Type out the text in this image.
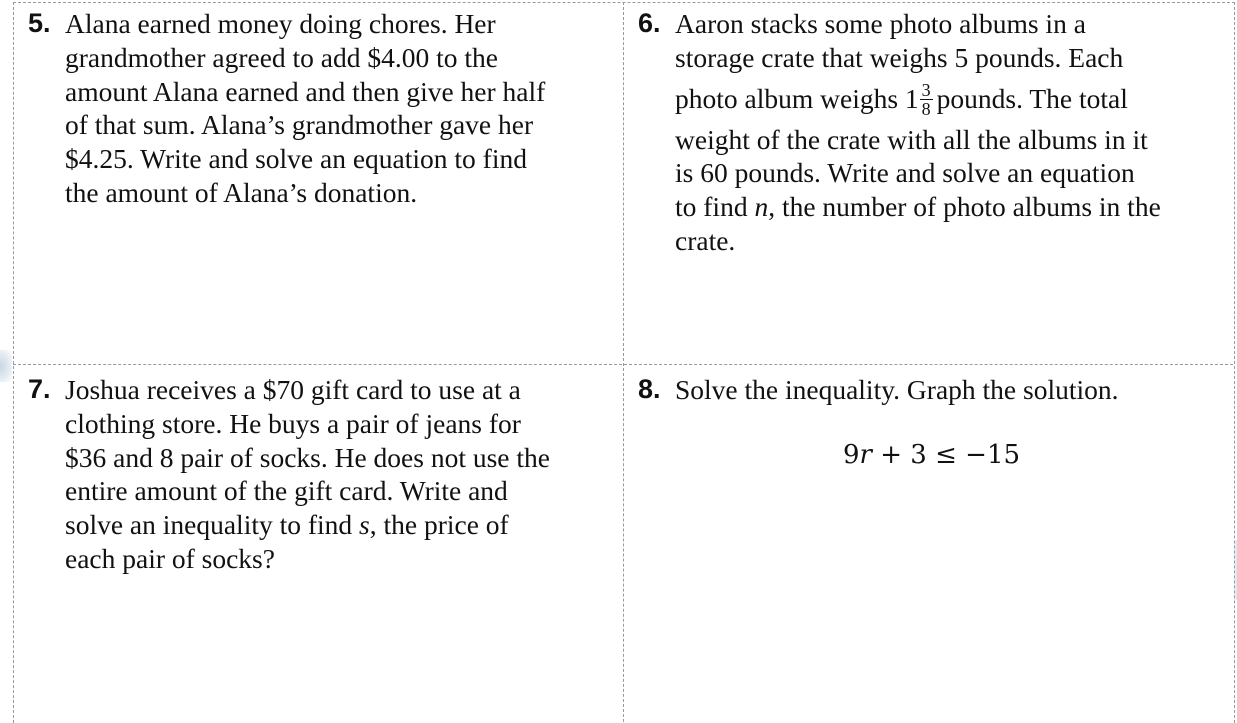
5. Alana earned money doing chores. Her
grandmother agreed to add $4.00 to the
amount Alana earned and then give her half
of that sum. Alana’s grandmother gave her
$4.25. Write and solve an equation to find
the amount of Alana’s donation.
6. Aaron stacks some photo albums in a
storage crate that weighs 5 pounds. Each
photo album weighs $1 \frac{3}{8}$ pounds. The total
weight of the crate with all the albums in it
is 60 pounds. Write and solve an equation
to find n, the number of photo albums in the
crate.
7. Joshua receives a $70 gift card to use at a
clothing store. He buys a pair of jeans for
$36 and 8 pair of socks. He does not use the
entire amount of the gift card. Write and
solve an inequality to find s, the price of
each pair of socks?
8. Solve the inequality. Graph the solution.
9r + 3 ≤ −15
